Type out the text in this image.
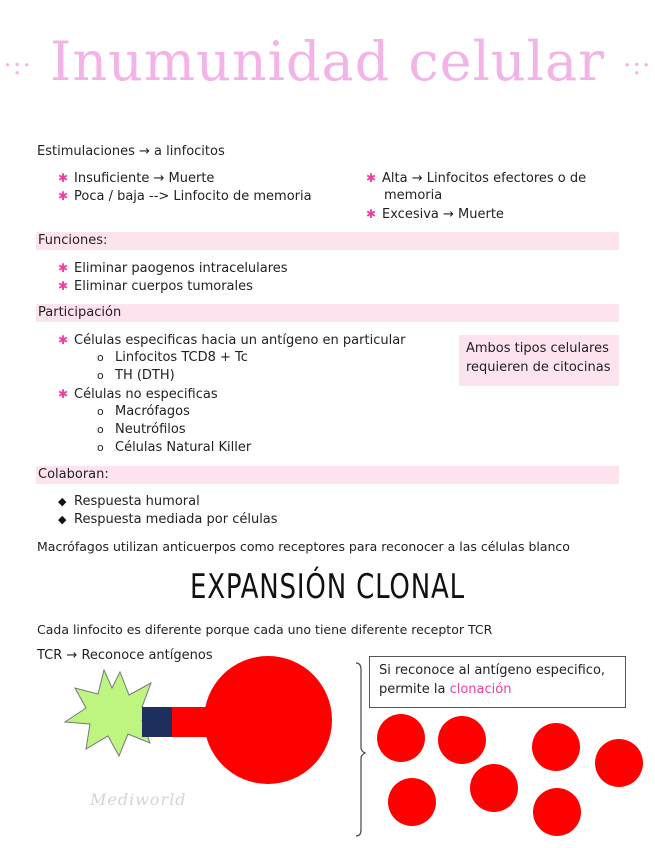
·:· Inumunidad celular ·:·
Estimulaciones → a linfocitos
✱ Insuficiente → Muerte
✱ Poca / baja --> Linfocito de memoria
✱ Alta → Linfocitos efectores o de
memoria
✱ Excesiva → Muerte
Funciones:
✱ Eliminar paogenos intracelulares
✱ Eliminar cuerpos tumorales
Participación
✱ Células especificas hacia un antígeno en particular
o Linfocitos TCD8 + Tc
o TH (DTH)
✱ Células no especificas
o Macrófagos
o Neutrófilos
o Células Natural Killer
Ambos tipos celulares
requieren de citocinas
Colaboran:
◆ Respuesta humoral
◆ Respuesta mediada por células
Macrófagos utilizan anticuerpos como receptores para reconocer a las células blanco
EXPANSIÓN CLONAL
Cada linfocito es diferente porque cada uno tiene diferente receptor TCR
TCR → Reconoce antígenos
Si reconoce al antígeno especifico,
permite la clonación
Mediworld
